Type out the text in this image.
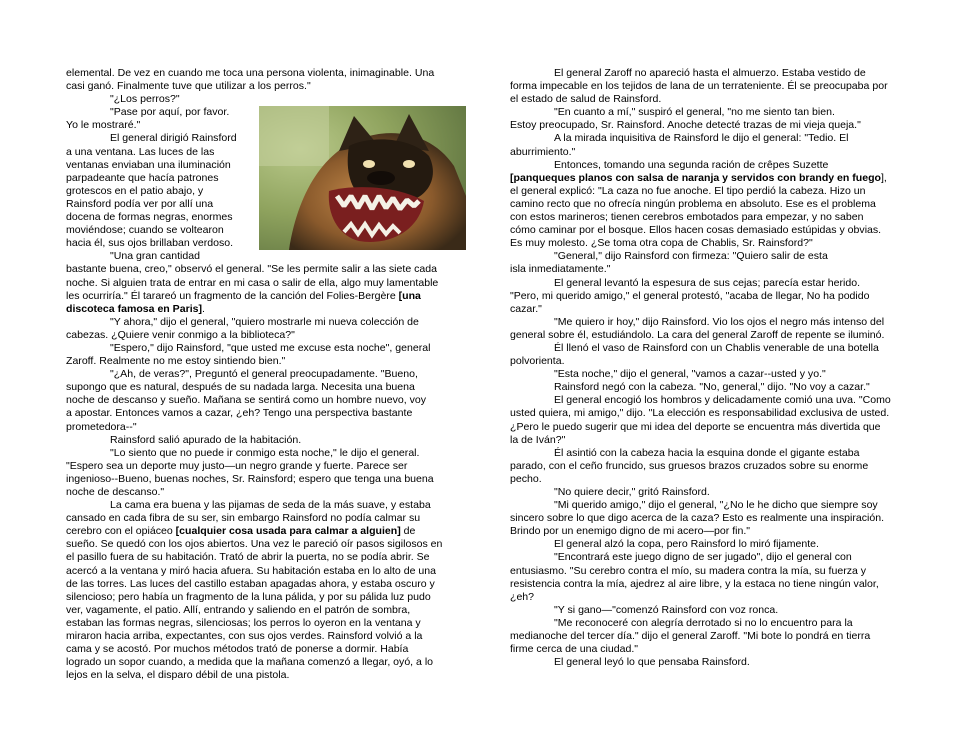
elemental. De vez en cuando me toca una persona violenta, inimaginable. Una
casi ganó. Finalmente tuve que utilizar a los perros."
"¿Los perros?"
"Pase por aquí, por favor.
Yo le mostraré."
El general dirigió Rainsford
a una ventana. Las luces de las
ventanas enviaban una iluminación
parpadeante que hacía patrones
grotescos en el patio abajo, y
Rainsford podía ver por allí una
docena de formas negras, enormes
moviéndose; cuando se voltearon
hacia él, sus ojos brillaban verdoso.
"Una gran cantidad
bastante buena, creo," observó el general. "Se les permite salir a las siete cada
noche. Si alguien trata de entrar en mi casa o salir de ella, algo muy lamentable
les ocurriría." Él tarareó un fragmento de la canción del Folies-Bergère [una
discoteca famosa en Paris].
"Y ahora," dijo el general, "quiero mostrarle mi nueva colección de
cabezas. ¿Quiere venir conmigo a la biblioteca?"
"Espero," dijo Rainsford, "que usted me excuse esta noche", general
Zaroff. Realmente no me estoy sintiendo bien."
"¿Ah, de veras?", Preguntó el general preocupadamente. "Bueno,
supongo que es natural, después de su nadada larga. Necesita una buena
noche de descanso y sueño. Mañana se sentirá como un hombre nuevo, voy
a apostar. Entonces vamos a cazar, ¿eh? Tengo una perspectiva bastante
prometedora--"
Rainsford salió apurado de la habitación.
"Lo siento que no puede ir conmigo esta noche," le dijo el general.
"Espero sea un deporte muy justo—un negro grande y fuerte. Parece ser
ingenioso--Bueno, buenas noches, Sr. Rainsford; espero que tenga una buena
noche de descanso."
La cama era buena y las pijamas de seda de la más suave, y estaba
cansado en cada fibra de su ser, sin embargo Rainsford no podía calmar su
cerebro con el opiáceo [cualquier cosa usada para calmar a alguien] de
sueño. Se quedó con los ojos abiertos. Una vez le pareció oír pasos sigilosos en
el pasillo fuera de su habitación. Trató de abrir la puerta, no se podía abrir. Se
acercó a la ventana y miró hacia afuera. Su habitación estaba en lo alto de una
de las torres. Las luces del castillo estaban apagadas ahora, y estaba oscuro y
silencioso; pero había un fragmento de la luna pálida, y por su pálida luz pudo
ver, vagamente, el patio. Allí, entrando y saliendo en el patrón de sombra,
estaban las formas negras, silenciosas; los perros lo oyeron en la ventana y
miraron hacia arriba, expectantes, con sus ojos verdes. Rainsford volvió a la
cama y se acostó. Por muchos métodos trató de ponerse a dormir. Había
logrado un sopor cuando, a medida que la mañana comenzó a llegar, oyó, a lo
lejos en la selva, el disparo débil de una pistola.
El general Zaroff no apareció hasta el almuerzo. Estaba vestido de
forma impecable en los tejidos de lana de un terrateniente. Él se preocupaba por
el estado de salud de Rainsford.
"En cuanto a mí," suspiró el general, "no me siento tan bien.
Estoy preocupado, Sr. Rainsford. Anoche detecté trazas de mi vieja queja."
A la mirada inquisitiva de Rainsford le dijo el general: "Tedio. El
aburrimiento."
Entonces, tomando una segunda ración de crêpes Suzette
[panqueques planos con salsa de naranja y servidos con brandy en fuego],
el general explicó: "La caza no fue anoche. El tipo perdió la cabeza. Hizo un
camino recto que no ofrecía ningún problema en absoluto. Ese es el problema
con estos marineros; tienen cerebros embotados para empezar, y no saben
cómo caminar por el bosque. Ellos hacen cosas demasiado estúpidas y obvias.
Es muy molesto. ¿Se toma otra copa de Chablis, Sr. Rainsford?"
"General," dijo Rainsford con firmeza: "Quiero salir de esta
isla inmediatamente."
El general levantó la espesura de sus cejas; parecía estar herido.
"Pero, mi querido amigo," el general protestó, "acaba de llegar, No ha podido
cazar."
"Me quiero ir hoy," dijo Rainsford. Vio los ojos el negro más intenso del
general sobre él, estudiándolo. La cara del general Zaroff de repente se iluminó.
Él llenó el vaso de Rainsford con un Chablis venerable de una botella
polvorienta.
"Esta noche," dijo el general, "vamos a cazar--usted y yo."
Rainsford negó con la cabeza. "No, general," dijo. "No voy a cazar."
El general encogió los hombros y delicadamente comió una uva. "Como
usted quiera, mi amigo," dijo. "La elección es responsabilidad exclusiva de usted.
¿Pero le puedo sugerir que mi idea del deporte se encuentra más divertida que
la de Iván?"
Él asintió con la cabeza hacia la esquina donde el gigante estaba
parado, con el ceño fruncido, sus gruesos brazos cruzados sobre su enorme
pecho.
"No quiere decir," gritó Rainsford.
"Mi querido amigo," dijo el general, "¿No le he dicho que siempre soy
sincero sobre lo que digo acerca de la caza? Esto es realmente una inspiración.
Brindo por un enemigo digno de mi acero—por fin."
El general alzó la copa, pero Rainsford lo miró fijamente.
"Encontrará este juego digno de ser jugado", dijo el general con
entusiasmo. "Su cerebro contra el mío, su madera contra la mía, su fuerza y
resistencia contra la mía, ajedrez al aire libre, y la estaca no tiene ningún valor,
¿eh?
"Y si gano—"comenzó Rainsford con voz ronca.
"Me reconoceré con alegría derrotado si no lo encuentro para la
medianoche del tercer día." dijo el general Zaroff. "Mi bote lo pondrá en tierra
firme cerca de una ciudad."
El general leyó lo que pensaba Rainsford.
